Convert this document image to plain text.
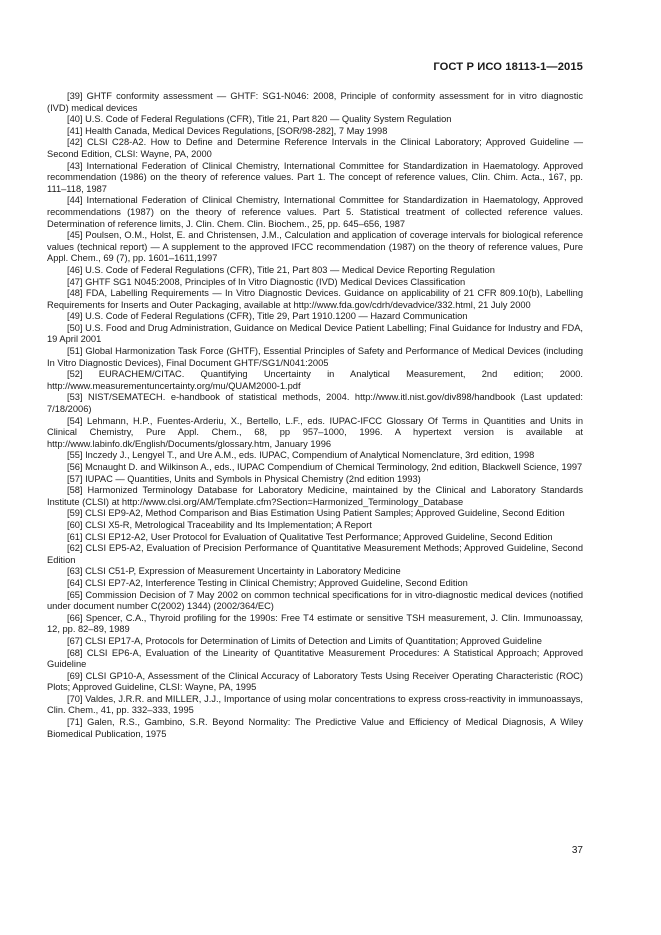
ГОСТ Р ИСО 18113-1—2015
[39] GHTF conformity assessment — GHTF: SG1-N046: 2008, Principle of conformity assessment for in vitro diagnostic (IVD) medical devices
[40] U.S. Code of Federal Regulations (CFR), Title 21, Part 820 — Quality System Regulation
[41] Health Canada, Medical Devices Regulations, [SOR/98-282], 7 May 1998
[42] CLSI C28-A2. How to Define and Determine Reference Intervals in the Clinical Laboratory; Approved Guideline — Second Edition, CLSI: Wayne, PA, 2000
[43] International Federation of Clinical Chemistry, International Committee for Standardization in Haematology. Approved recommendation (1986) on the theory of reference values. Part 1. The concept of reference values, Clin. Chim. Acta., 167, pp. 111–118, 1987
[44] International Federation of Clinical Chemistry, International Committee for Standardization in Haematology, Approved recommendations (1987) on the theory of reference values. Part 5. Statistical treatment of collected reference values. Determination of reference limits, J. Clin. Chem. Clin. Biochem., 25, pp. 645–656, 1987
[45] Poulsen, O.M., Holst, E. and Christensen, J.M., Calculation and application of coverage intervals for biological reference values (technical report) — A supplement to the approved IFCC recommendation (1987) on the theory of reference values, Pure Appl. Chem., 69 (7), pp. 1601–1611,1997
[46] U.S. Code of Federal Regulations (CFR), Title 21, Part 803 — Medical Device Reporting Regulation
[47] GHTF SG1 N045:2008, Principles of In Vitro Diagnostic (IVD) Medical Devices Classification
[48] FDA, Labelling Requirements — In Vitro Diagnostic Devices. Guidance on applicability of 21 CFR 809.10(b), Labelling Requirements for Inserts and Outer Packaging, available at http://www.fda.gov/cdrh/devadvice/332.html, 21 July 2000
[49] U.S. Code of Federal Regulations (CFR), Title 29, Part 1910.1200 — Hazard Communication
[50] U.S. Food and Drug Administration, Guidance on Medical Device Patient Labelling; Final Guidance for Industry and FDA, 19 April 2001
[51] Global Harmonization Task Force (GHTF), Essential Principles of Safety and Performance of Medical Devices (including In Vitro Diagnostic Devices), Final Document GHTF/SG1/N041:2005
[52] EURACHEM/CITAC. Quantifying Uncertainty in Analytical Measurement, 2nd edition; 2000. http://www.measurementuncertainty.org/mu/QUAM2000-1.pdf
[53] NIST/SEMATECH. e-handbook of statistical methods, 2004. http://www.itl.nist.gov/div898/handbook (Last updated: 7/18/2006)
[54] Lehmann, H.P., Fuentes-Arderiu, X., Bertello, L.F., eds. IUPAC-IFCC Glossary Of Terms in Quantities and Units in Clinical Chemistry, Pure Appl. Chem., 68, pp 957–1000, 1996. A hypertext version is available at http://www.labinfo.dk/English/Documents/glossary.htm, January 1996
[55] Inczedy J., Lengyel T., and Ure A.M., eds. IUPAC, Compendium of Analytical Nomenclature, 3rd edition, 1998
[56] Mcnaught D. and Wilkinson A., eds., IUPAC Compendium of Chemical Terminology, 2nd edition, Blackwell Science, 1997
[57] IUPAC — Quantities, Units and Symbols in Physical Chemistry (2nd edition 1993)
[58] Harmonized Terminology Database for Laboratory Medicine, maintained by the Clinical and Laboratory Standards Institute (CLSI) at http://www.clsi.org/AM/Template.cfm?Section=Harmonized_Terminology_Database
[59] CLSI EP9-A2, Method Comparison and Bias Estimation Using Patient Samples; Approved Guideline, Second Edition
[60] CLSI X5-R, Metrological Traceability and Its Implementation; A Report
[61] CLSI EP12-A2, User Protocol for Evaluation of Qualitative Test Performance; Approved Guideline, Second Edition
[62] CLSI EP5-A2, Evaluation of Precision Performance of Quantitative Measurement Methods; Approved Guideline, Second Edition
[63] CLSI C51-P, Expression of Measurement Uncertainty in Laboratory Medicine
[64] CLSI EP7-A2, Interference Testing in Clinical Chemistry; Approved Guideline, Second Edition
[65] Commission Decision of 7 May 2002 on common technical specifications for in vitro-diagnostic medical devices (notified under document number C(2002) 1344) (2002/364/EC)
[66] Spencer, C.A., Thyroid profiling for the 1990s: Free T4 estimate or sensitive TSH measurement, J. Clin. Immunoassay, 12, pp. 82–89, 1989
[67] CLSI EP17-A, Protocols for Determination of Limits of Detection and Limits of Quantitation; Approved Guideline
[68] CLSI EP6-A, Evaluation of the Linearity of Quantitative Measurement Procedures: A Statistical Approach; Approved Guideline
[69] CLSI GP10-A, Assessment of the Clinical Accuracy of Laboratory Tests Using Receiver Operating Characteristic (ROC) Plots; Approved Guideline, CLSI: Wayne, PA, 1995
[70] Valdes, J.R.R. and MILLER, J.J., Importance of using molar concentrations to express cross-reactivity in immunoassays, Clin. Chem., 41, pp. 332–333, 1995
[71] Galen, R.S., Gambino, S.R. Beyond Normality: The Predictive Value and Efficiency of Medical Diagnosis, A Wiley Biomedical Publication, 1975
37
